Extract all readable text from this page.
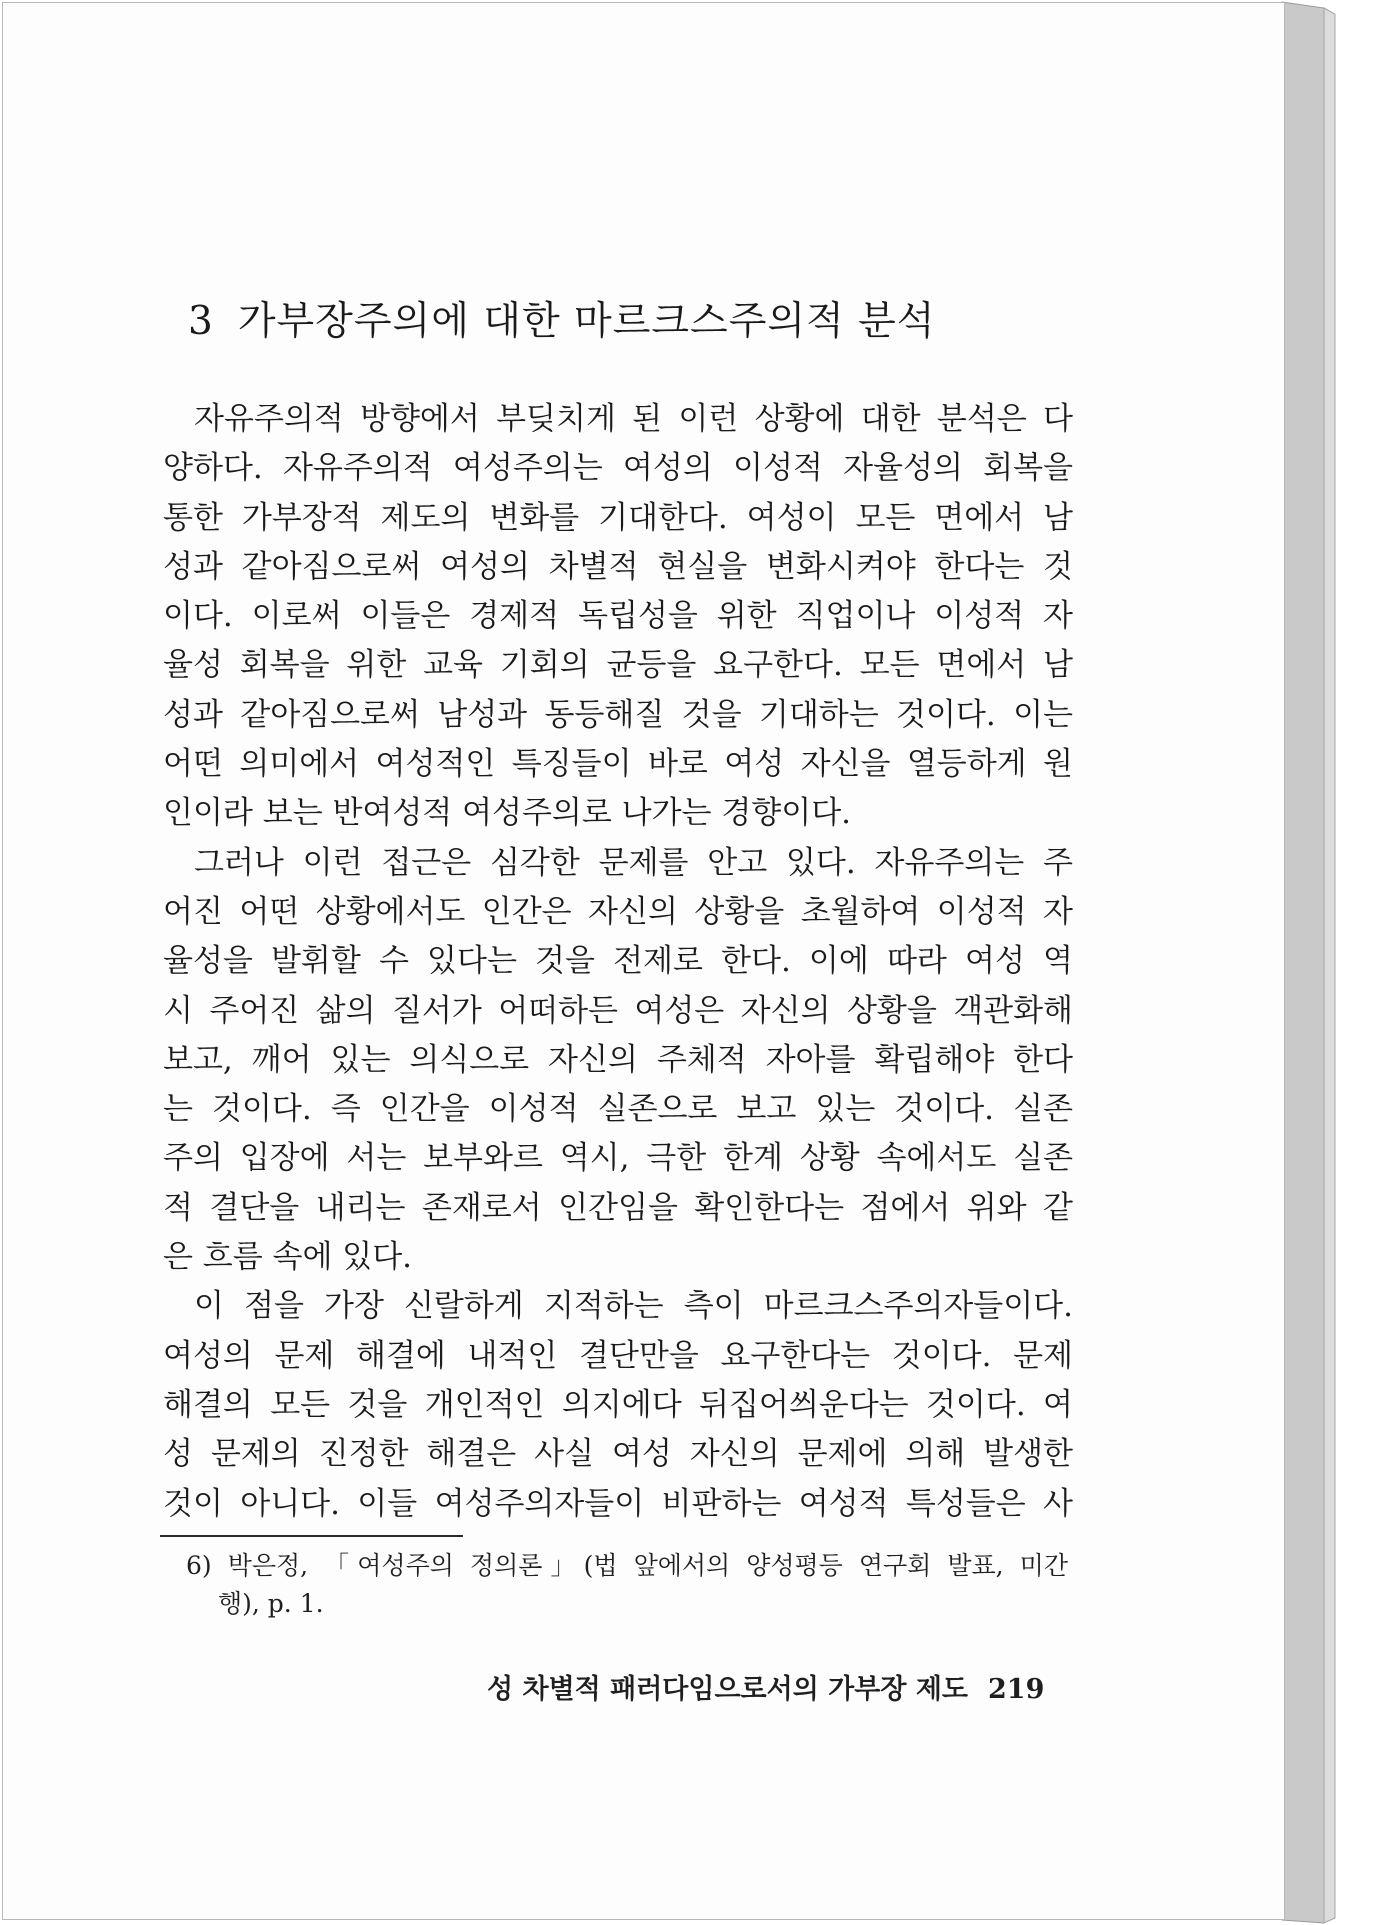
3 가부장주의에 대한 마르크스주의적 분석
자유주의적 방향에서 부딪치게 된 이런 상황에 대한 분석은 다
양하다. 자유주의적 여성주의는 여성의 이성적 자율성의 회복을
통한 가부장적 제도의 변화를 기대한다. 여성이 모든 면에서 남
성과 같아짐으로써 여성의 차별적 현실을 변화시켜야 한다는 것
이다. 이로써 이들은 경제적 독립성을 위한 직업이나 이성적 자
율성 회복을 위한 교육 기회의 균등을 요구한다. 모든 면에서 남
성과 같아짐으로써 남성과 동등해질 것을 기대하는 것이다. 이는
어떤 의미에서 여성적인 특징들이 바로 여성 자신을 열등하게 원
인이라 보는 반여성적 여성주의로 나가는 경향이다.
그러나 이런 접근은 심각한 문제를 안고 있다. 자유주의는 주
어진 어떤 상황에서도 인간은 자신의 상황을 초월하여 이성적 자
율성을 발휘할 수 있다는 것을 전제로 한다. 이에 따라 여성 역
시 주어진 삶의 질서가 어떠하든 여성은 자신의 상황을 객관화해
보고, 깨어 있는 의식으로 자신의 주체적 자아를 확립해야 한다
는 것이다. 즉 인간을 이성적 실존으로 보고 있는 것이다. 실존
주의 입장에 서는 보부와르 역시, 극한 한계 상황 속에서도 실존
적 결단을 내리는 존재로서 인간임을 확인한다는 점에서 위와 같
은 흐름 속에 있다.
이 점을 가장 신랄하게 지적하는 측이 마르크스주의자들이다.
여성의 문제 해결에 내적인 결단만을 요구한다는 것이다. 문제
해결의 모든 것을 개인적인 의지에다 뒤집어씌운다는 것이다. 여
성 문제의 진정한 해결은 사실 여성 자신의 문제에 의해 발생한
것이 아니다. 이들 여성주의자들이 비판하는 여성적 특성들은 사
6) 박은정, 「여성주의 정의론」(법 앞에서의 양성평등 연구회 발표, 미간
행), p. 1.
성 차별적 패러다임으로서의 가부장 제도 219
